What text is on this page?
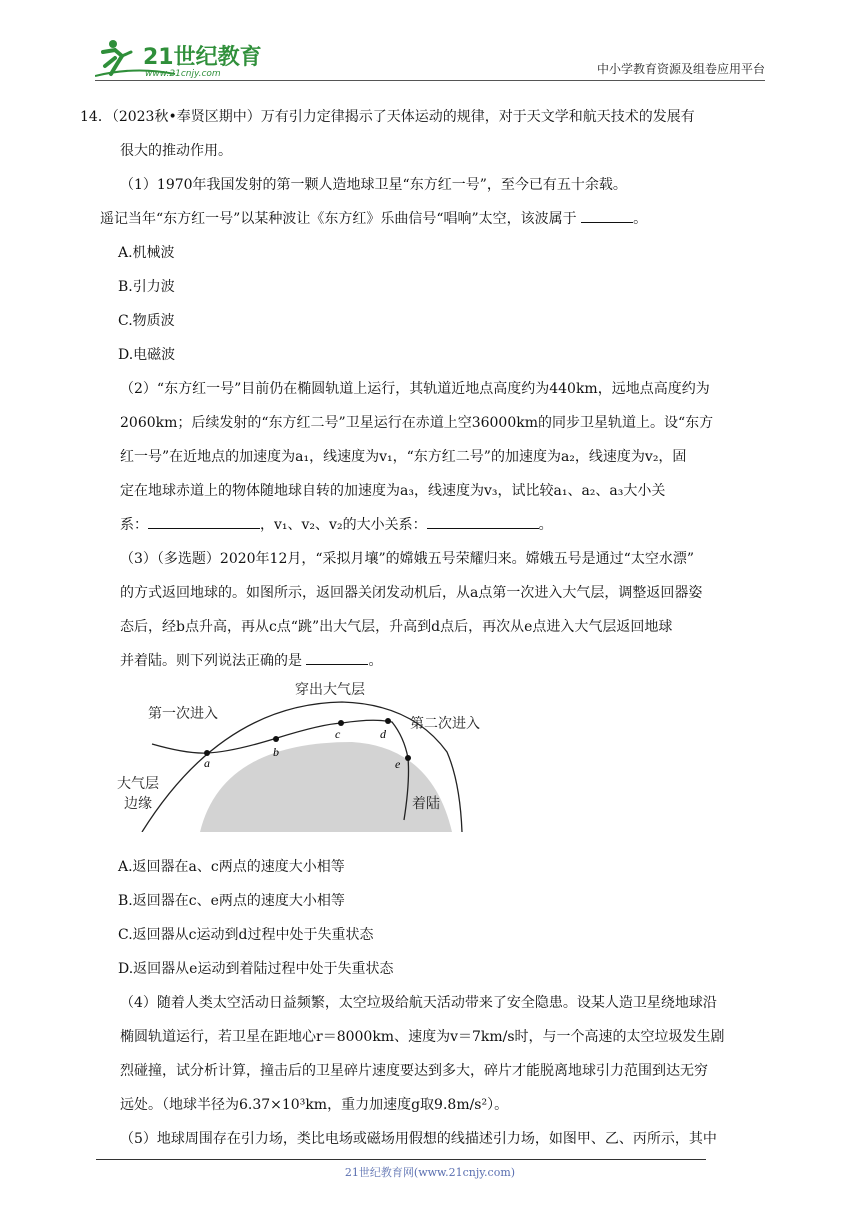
21世纪教育
www.21cnjy.com	中小学教育资源及组卷应用平台

14．（2023秋•奉贤区期中）万有引力定律揭示了天体运动的规律，对于天文学和航天技术的发展有

很大的推动作用。

（1）1970年我国发射的第一颗人造地球卫星“东方红一号”，至今已有五十余载。

遥记当年“东方红一号”以某种波让《东方红》乐曲信号“唱响”太空，该波属于	。

A.机械波

B.引力波

C.物质波

D.电磁波

（2）“东方红一号”目前仍在椭圆轨道上运行，其轨道近地点高度约为440km，远地点高度约为

2060km；后续发射的“东方红二号”卫星运行在赤道上空36000km的同步卫星轨道上。设“东方

红一号”在近地点的加速度为a₁，线速度为v₁，“东方红二号”的加速度为a₂，线速度为v₂，固

定在地球赤道上的物体随地球自转的加速度为a₃，线速度为v₃，试比较a₁、a₂、a₃大小关

系：	，v₁、v₂、v₂的大小关系：	。

（3）（多选题）2020年12月，“采拟月壤”的嫦娥五号荣耀归来。嫦娥五号是通过“太空水漂”

的方式返回地球的。如图所示，返回器关闭发动机后，从a点第一次进入大气层，调整返回器姿

态后，经b点升高，再从c点“跳”出大气层，升高到d点后，再次从e点进入大气层返回地球

并着陆。则下列说法正确的是	。

A.返回器在a、c两点的速度大小相等

B.返回器在c、e两点的速度大小相等

C.返回器从c运动到d过程中处于失重状态

D.返回器从e运动到着陆过程中处于失重状态

（4）随着人类太空活动日益频繁，太空垃圾给航天活动带来了安全隐患。设某人造卫星绕地球沿

椭圆轨道运行，若卫星在距地心r＝8000km、速度为v＝7km/s时，与一个高速的太空垃圾发生剧

烈碰撞，试分析计算，撞击后的卫星碎片速度要达到多大，碎片才能脱离地球引力范围到达无穷

远处。（地球半径为6.37×10³km，重力加速度g取9.8m/s²）。

（5）地球周围存在引力场，类比电场或磁场用假想的线描述引力场，如图甲、乙、丙所示，其中

a
b
c	d
e
穿出大气层
第一次进入
第二次进入
大气层
边缘	着陆
21世纪教育网(www.21cnjy.com)
